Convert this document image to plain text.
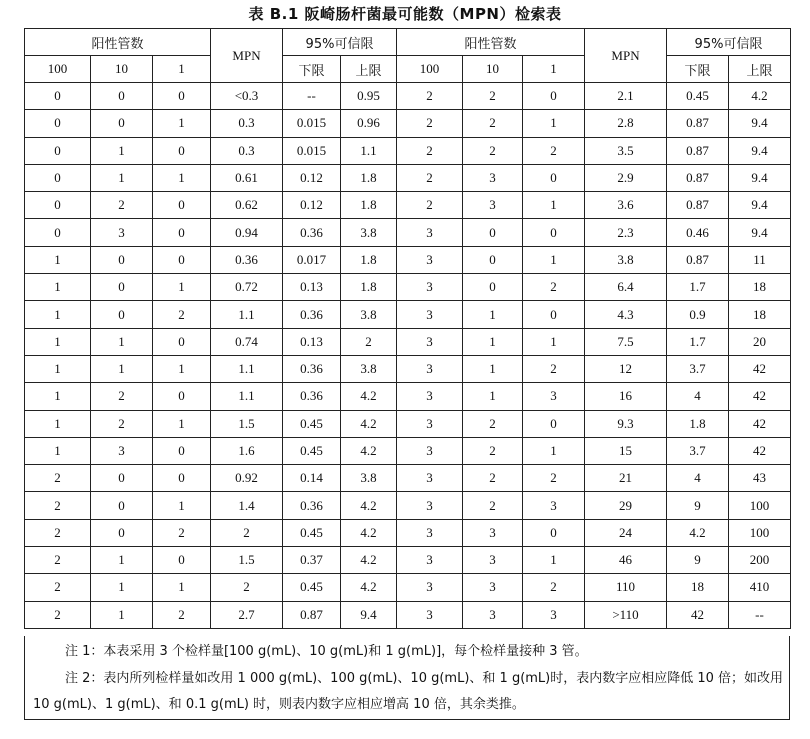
表 B.1 阪崎肠杆菌最可能数（MPN）检索表
阳性管数			MPN	95%可信限		阳性管数			MPN	95%可信限	
100	10	1		下限	上限	100	10	1		下限	上限
0	0	0	<0.3	--	0.95	2	2	0	2.1	0.45	4.2
0	0	1	0.3	0.015	0.96	2	2	1	2.8	0.87	9.4
0	1	0	0.3	0.015	1.1	2	2	2	3.5	0.87	9.4
0	1	1	0.61	0.12	1.8	2	3	0	2.9	0.87	9.4
0	2	0	0.62	0.12	1.8	2	3	1	3.6	0.87	9.4
0	3	0	0.94	0.36	3.8	3	0	0	2.3	0.46	9.4
1	0	0	0.36	0.017	1.8	3	0	1	3.8	0.87	11
1	0	1	0.72	0.13	1.8	3	0	2	6.4	1.7	18
1	0	2	1.1	0.36	3.8	3	1	0	4.3	0.9	18
1	1	0	0.74	0.13	2	3	1	1	7.5	1.7	20
1	1	1	1.1	0.36	3.8	3	1	2	12	3.7	42
1	2	0	1.1	0.36	4.2	3	1	3	16	4	42
1	2	1	1.5	0.45	4.2	3	2	0	9.3	1.8	42
1	3	0	1.6	0.45	4.2	3	2	1	15	3.7	42
2	0	0	0.92	0.14	3.8	3	2	2	21	4	43
2	0	1	1.4	0.36	4.2	3	2	3	29	9	100
2	0	2	2	0.45	4.2	3	3	0	24	4.2	100
2	1	0	1.5	0.37	4.2	3	3	1	46	9	200
2	1	1	2	0.45	4.2	3	3	2	110	18	410
2	1	2	2.7	0.87	9.4	3	3	3	>110	42	--
注 1：本表采用 3 个检样量[100 g(mL)、10 g(mL)和 1 g(mL)]，每个检样量接种 3 管。
注 2：表内所列检样量如改用 1 000 g(mL)、100 g(mL)、10 g(mL)、和 1 g(mL)时，表内数字应相应降低 10 倍；如改用
10 g(mL)、1 g(mL)、和 0.1 g(mL) 时，则表内数字应相应增高 10 倍，其余类推。
